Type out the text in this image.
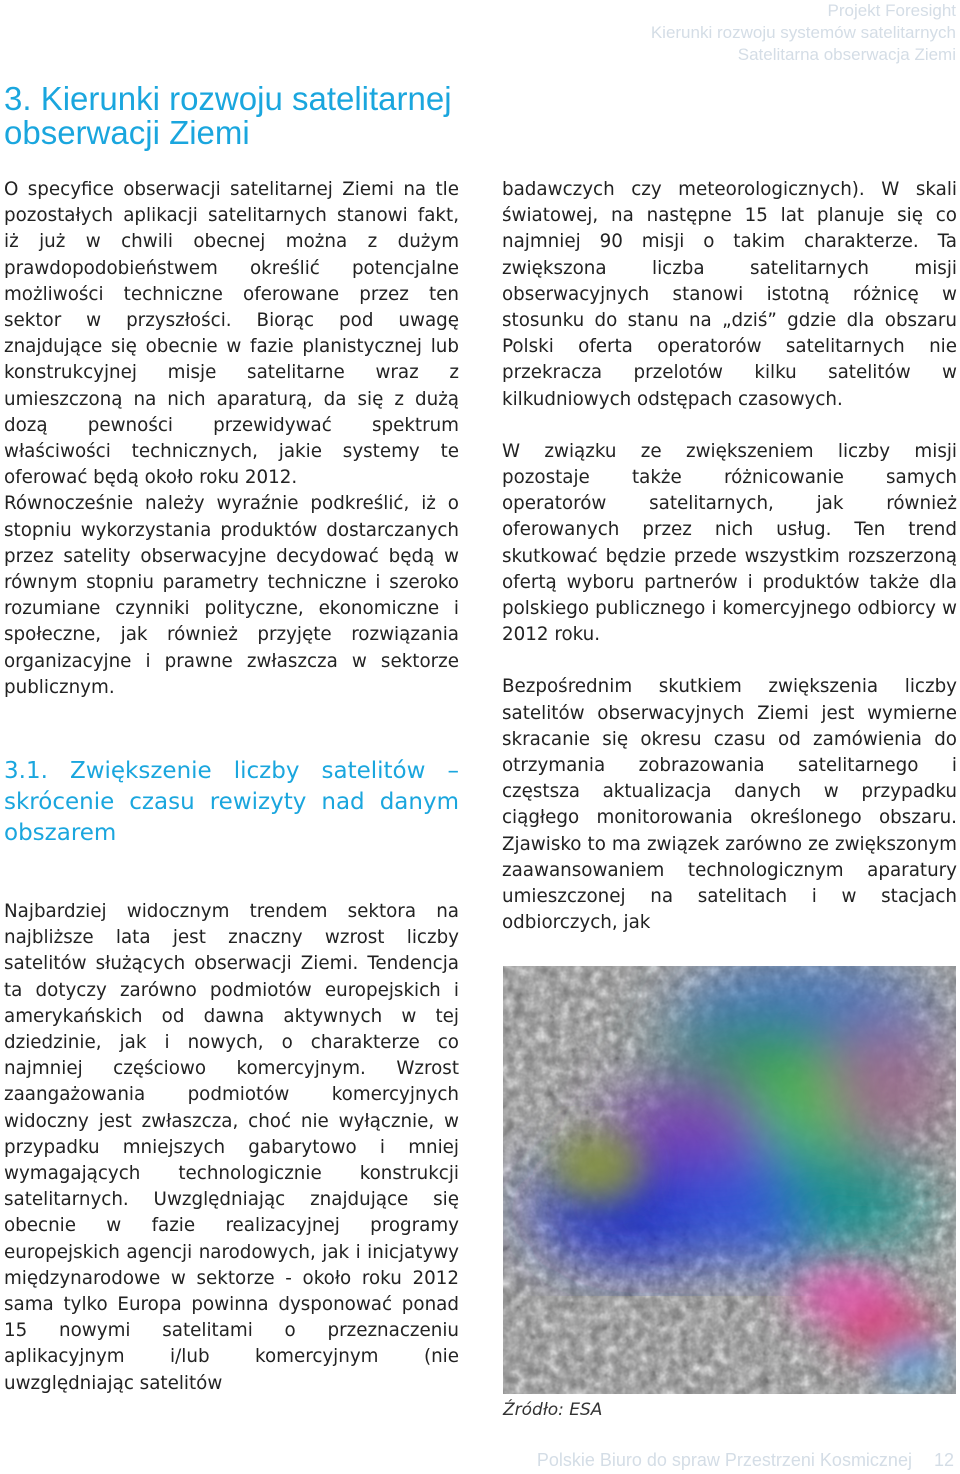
Projekt Foresight
Kierunki rozwoju systemów satelitarnych
Satelitarna obserwacja Ziemi
3. Kierunki rozwoju satelitarnej obserwacji Ziemi

O specyfice obserwacji satelitarnej Ziemi na tle pozostałych aplikacji satelitarnych stanowi fakt, iż już w chwili obecnej można z dużym prawdopodobieństwem określić potencjalne możliwości techniczne oferowane przez ten sektor w przyszłości. Biorąc pod uwagę znajdujące się obecnie w fazie planistycznej lub konstrukcyjnej misje satelitarne wraz z umieszczoną na nich aparaturą, da się z dużą dozą pewności przewidywać spektrum właściwości technicznych, jakie systemy te oferować będą około roku 2012.

Równocześnie należy wyraźnie podkreślić, iż o stopniu wykorzystania produktów dostarczanych przez satelity obserwacyjne decydować będą w równym stopniu parametry techniczne i szeroko rozumiane czynniki polityczne, ekonomiczne i społeczne, jak również przyjęte rozwiązania organizacyjne i prawne zwłaszcza w sektorze publicznym.

3.1. Zwiększenie liczby satelitów – skrócenie czasu rewizyty nad danym obszarem

Najbardziej widocznym trendem sektora na najbliższe lata jest znaczny wzrost liczby satelitów służących obserwacji Ziemi. Tendencja ta dotyczy zarówno podmiotów europejskich i amerykańskich od dawna aktywnych w tej dziedzinie, jak i nowych, o charakterze co najmniej częściowo komercyjnym. Wzrost zaangażowania podmiotów komercyjnych widoczny jest zwłaszcza, choć nie wyłącznie, w przypadku mniejszych gabarytowo i mniej wymagających technologicznie konstrukcji satelitarnych. Uwzględniając znajdujące się obecnie w fazie realizacyjnej programy europejskich agencji narodowych, jak i inicjatywy międzynarodowe w sektorze - około roku 2012 sama tylko Europa powinna dysponować ponad 15 nowymi satelitami o przeznaczeniu aplikacyjnym i/lub komercyjnym (nie uwzględniając satelitów

badawczych czy meteorologicznych). W skali światowej, na następne 15 lat planuje się co najmniej 90 misji o takim charakterze. Ta zwiększona liczba satelitarnych misji obserwacyjnych stanowi istotną różnicę w stosunku do stanu na „dziś” gdzie dla obszaru Polski oferta operatorów satelitarnych nie przekracza przelotów kilku satelitów w kilkudniowych odstępach czasowych.

W związku ze zwiększeniem liczby misji pozostaje także różnicowanie samych operatorów satelitarnych, jak również oferowanych przez nich usług. Ten trend skutkować będzie przede wszystkim rozszerzoną ofertą wyboru partnerów i produktów także dla polskiego publicznego i komercyjnego odbiorcy w 2012 roku.

Bezpośrednim skutkiem zwiększenia liczby satelitów obserwacyjnych Ziemi jest wymierne skracanie się okresu czasu od zamówienia do otrzymania zobrazowania satelitarnego i częstsza aktualizacja danych w przypadku ciągłego monitorowania określonego obszaru. Zjawisko to ma związek zarówno ze zwiększonym zaawansowaniem technologicznym aparatury umieszczonej na satelitach i w stacjach odbiorczych, jak

Źródło: ESA
Polskie Biuro do spraw Przestrzeni Kosmicznej 12
